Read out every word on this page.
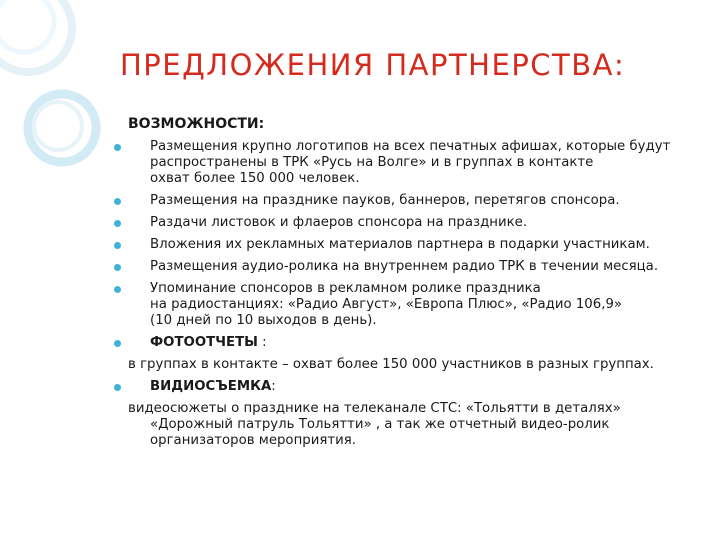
ПРЕДЛОЖЕНИЯ ПАРТНЕРСТВА:
ВОЗМОЖНОСТИ:
Размещения крупно логотипов на всех печатных афишах, которые будут
распространены в ТРК «Русь на Волге» и в группах в контакте
охват более 150 000 человек.
Размещения на празднике пауков, баннеров, перетягов спонсора.
Раздачи листовок и флаеров спонсора на празднике.
Вложения их рекламных материалов партнера в подарки участникам.
Размещения аудио-ролика на внутреннем радио ТРК в течении месяца.
Упоминание спонсоров в рекламном ролике праздника
на радиостанциях: «Радио Август», «Европа Плюс», «Радио 106,9»
(10 дней по 10 выходов в день).
ФОТООТЧЕТЫ :
в группах в контакте – охват более 150 000 участников в разных группах.
ВИДИОСЪЕМКА:
видеосюжеты о празднике на телеканале СТС: «Тольятти в деталях»
«Дорожный патруль Тольятти» , а так же отчетный видео-ролик
организаторов мероприятия.
